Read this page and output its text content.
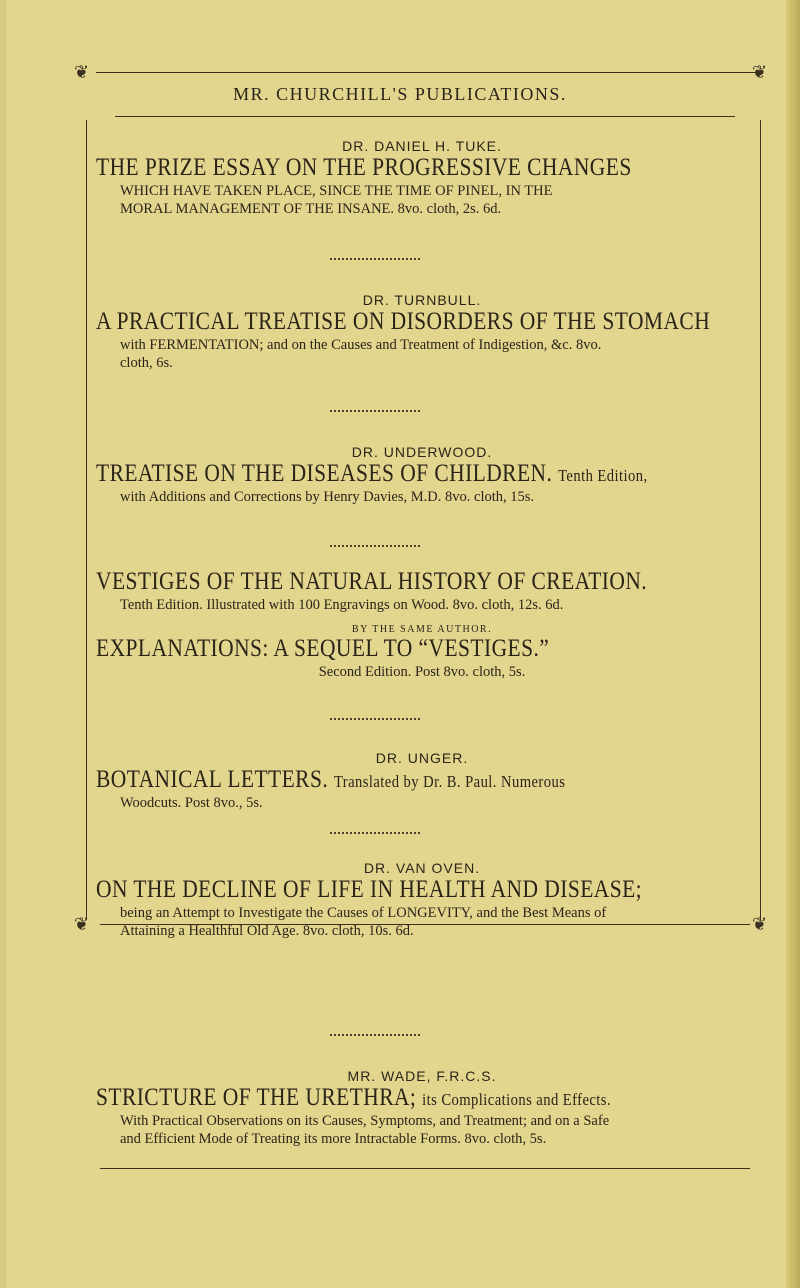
❦	❦
❦	❦
MR. CHURCHILL'S PUBLICATIONS.
DR. DANIEL H. TUKE.
THE PRIZE ESSAY ON THE PROGRESSIVE CHANGES
WHICH HAVE TAKEN PLACE, SINCE THE TIME OF PINEL, IN THE
MORAL MANAGEMENT OF THE INSANE. 8vo. cloth, 2s. 6d.
DR. TURNBULL.
A PRACTICAL TREATISE ON DISORDERS OF THE STOMACH
with FERMENTATION; and on the Causes and Treatment of Indigestion, &c. 8vo.
cloth, 6s.
DR. UNDERWOOD.
TREATISE ON THE DISEASES OF CHILDREN. Tenth Edition,
with Additions and Corrections by Henry Davies, M.D. 8vo. cloth, 15s.
VESTIGES OF THE NATURAL HISTORY OF CREATION.
Tenth Edition. Illustrated with 100 Engravings on Wood. 8vo. cloth, 12s. 6d.
BY THE SAME AUTHOR.
EXPLANATIONS: A SEQUEL TO “VESTIGES.”
Second Edition. Post 8vo. cloth, 5s.
DR. UNGER.
BOTANICAL LETTERS. Translated by Dr. B. Paul. Numerous
Woodcuts. Post 8vo., 5s.
DR. VAN OVEN.
ON THE DECLINE OF LIFE IN HEALTH AND DISEASE;
being an Attempt to Investigate the Causes of LONGEVITY, and the Best Means of
Attaining a Healthful Old Age. 8vo. cloth, 10s. 6d.
MR. WADE, F.R.C.S.
STRICTURE OF THE URETHRA; its Complications and Effects.
With Practical Observations on its Causes, Symptoms, and Treatment; and on a Safe
and Efficient Mode of Treating its more Intractable Forms. 8vo. cloth, 5s.
